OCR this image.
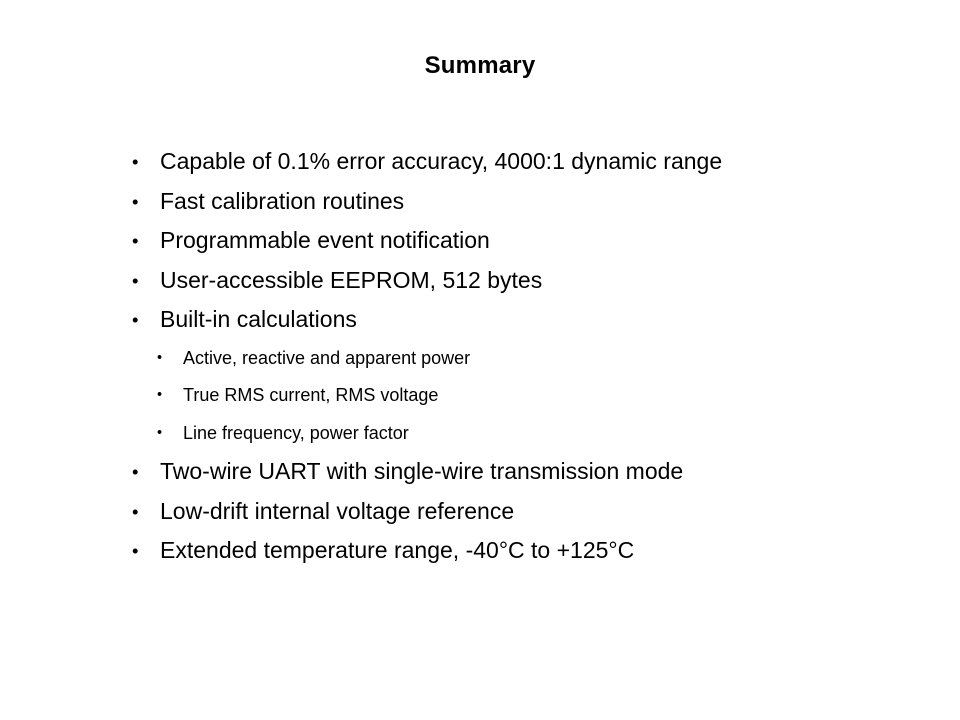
Summary
• Capable of 0.1% error accuracy, 4000:1 dynamic range
• Fast calibration routines
• Programmable event notification
• User-accessible EEPROM, 512 bytes
• Built-in calculations
• Active, reactive and apparent power
• True RMS current, RMS voltage
• Line frequency, power factor
• Two-wire UART with single-wire transmission mode
• Low-drift internal voltage reference
• Extended temperature range, -40°C to +125°C
